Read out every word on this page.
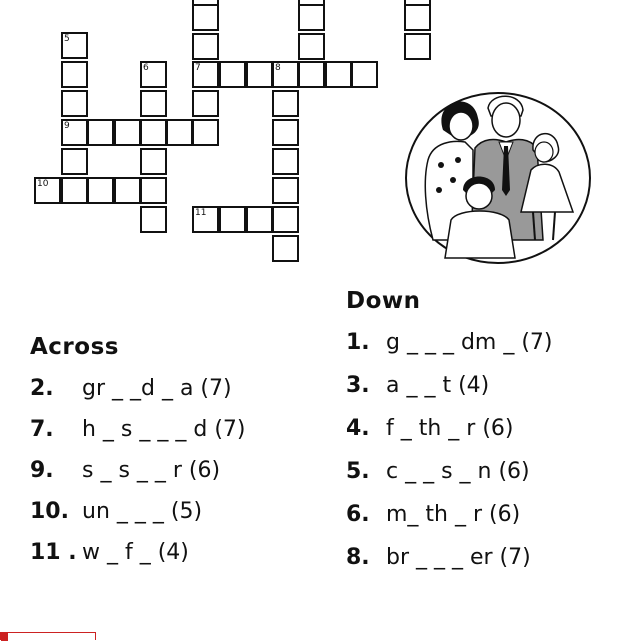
5
6	7	8
9
10
11
Across
Down
2. gr _ _d _ a (7)
7. h _ s _ _ _ d (7)
9. s _ s _ _ r (6)
10. un _ _ _ (5)
11 . w _ f _ (4)
1. g _ _ _ dm _ (7)
3. a _ _ t (4)
4. f _ th _ r (6)
5. c _ _ s _ n (6)
6. m_ th _ r (6)
8. br _ _ _ er (7)
